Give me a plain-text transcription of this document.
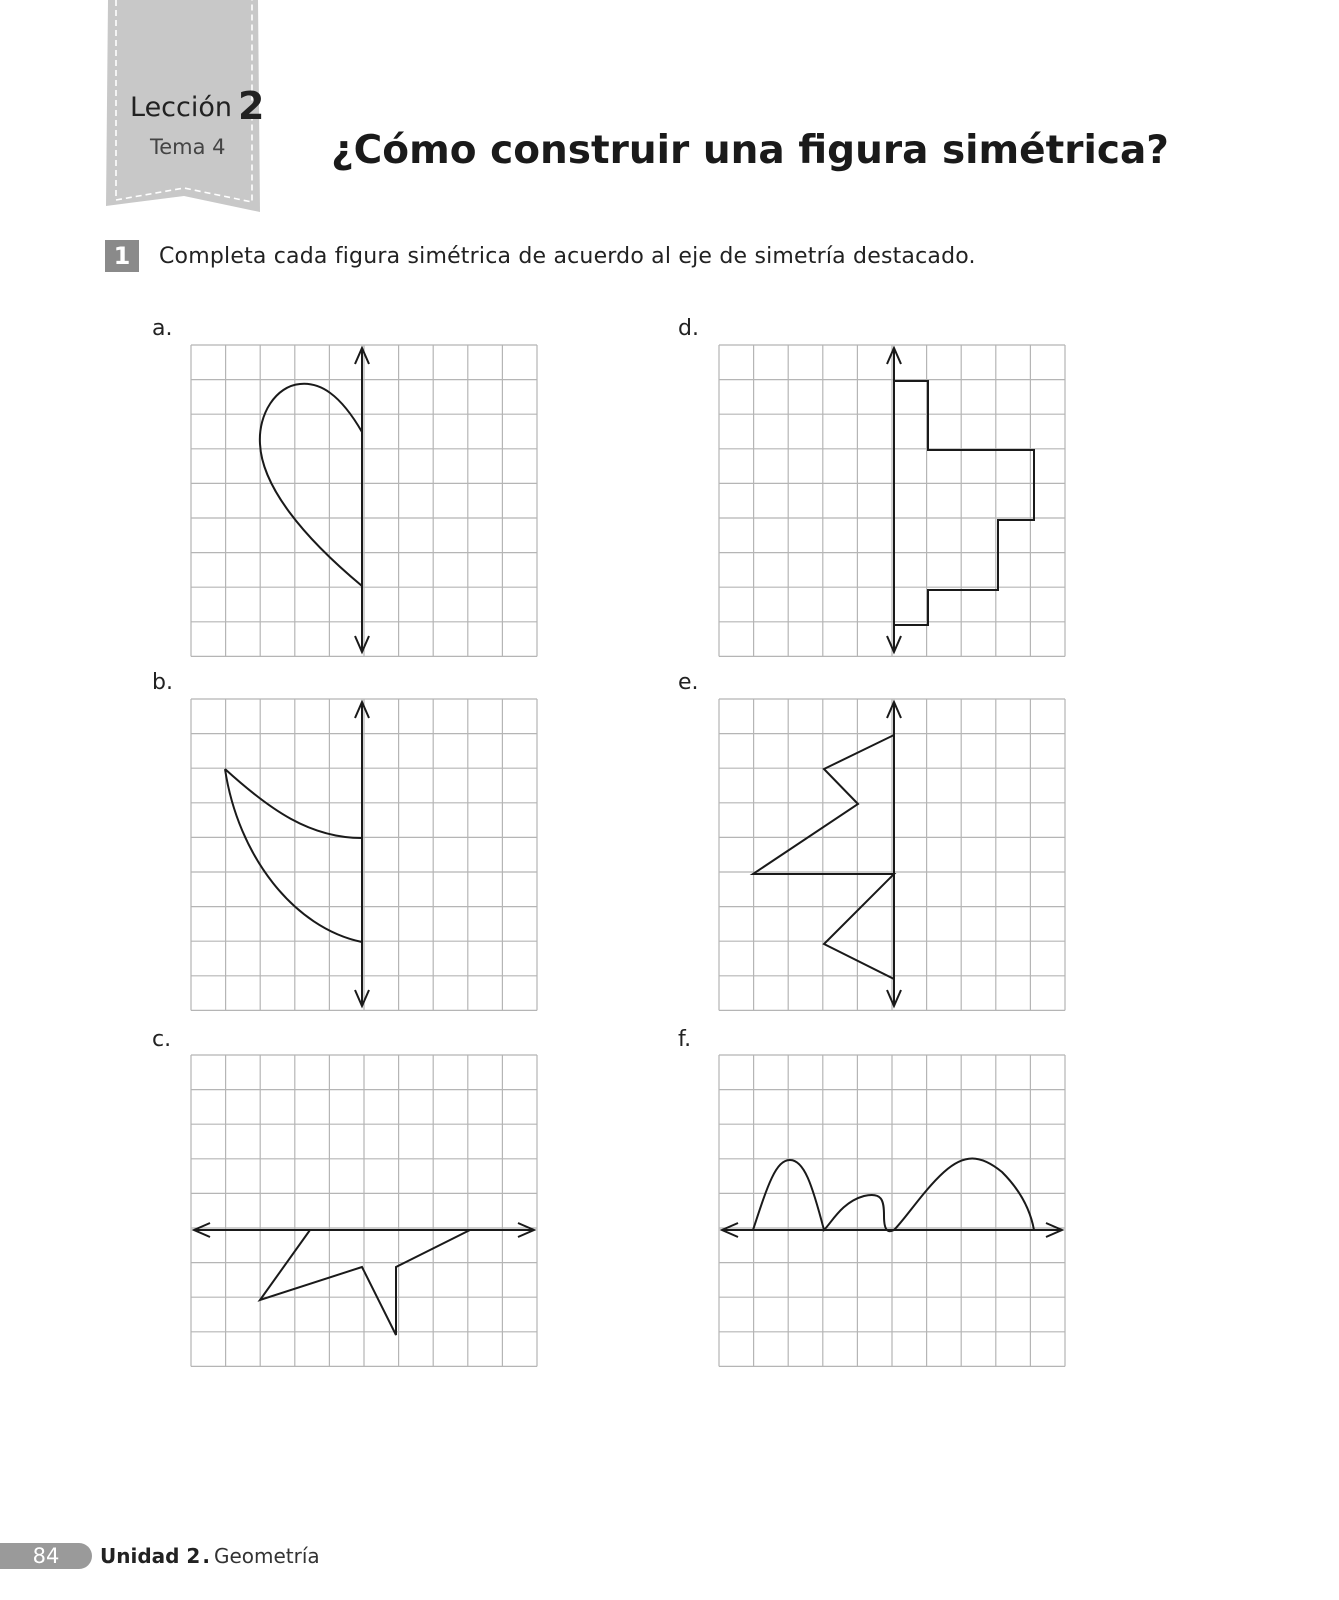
Lección 2
Tema 4	¿Cómo construir una figura simétrica?
1	Completa cada figura simétrica de acuerdo al eje de simetría destacado.
a.
b.
c.
d.
e.
f.
84	Unidad 2 . Geometría
